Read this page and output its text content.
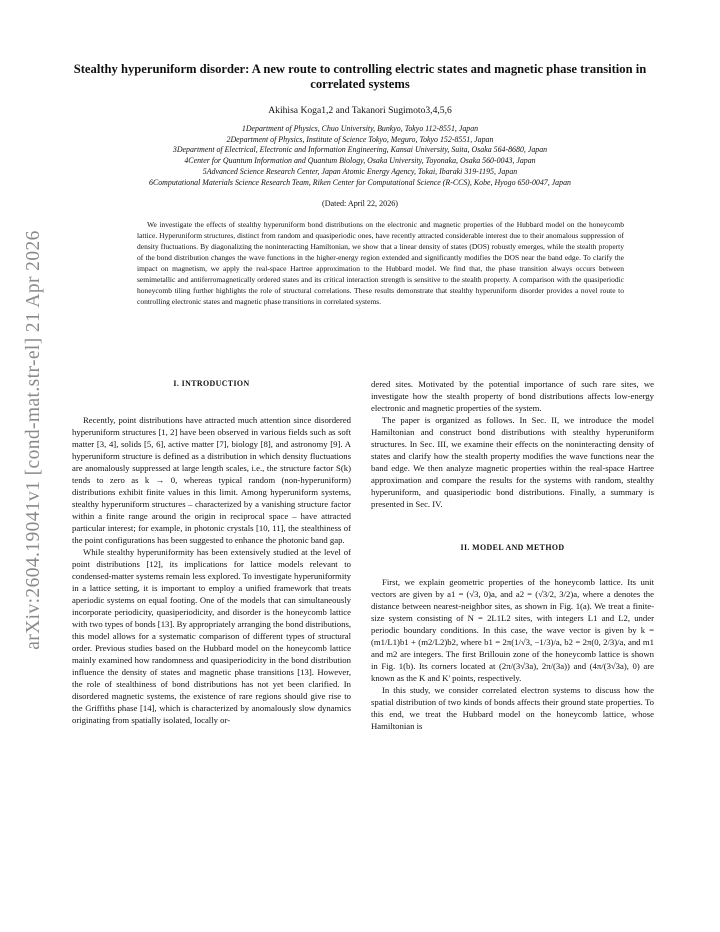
arXiv:2604.19041v1 [cond-mat.str-el] 21 Apr 2026
Stealthy hyperuniform disorder: A new route to controlling electric states and magnetic phase transition in correlated systems
Akihisa Koga1,2 and Takanori Sugimoto3,4,5,6
1Department of Physics, Chuo University, Bunkyo, Tokyo 112-8551, Japan
2Department of Physics, Institute of Science Tokyo, Meguro, Tokyo 152-8551, Japan
3Department of Electrical, Electronic and Information Engineering, Kansai University, Suita, Osaka 564-8680, Japan
4Center for Quantum Information and Quantum Biology, Osaka University, Toyonaka, Osaka 560-0043, Japan
5Advanced Science Research Center, Japan Atomic Energy Agency, Tokai, Ibaraki 319-1195, Japan
6Computational Materials Science Research Team, Riken Center for Computational Science (R-CCS), Kobe, Hyogo 650-0047, Japan
(Dated: April 22, 2026)
We investigate the effects of stealthy hyperuniform bond distributions on the electronic and magnetic properties of the Hubbard model on the honeycomb lattice. Hyperuniform structures, distinct from random and quasiperiodic ones, have recently attracted considerable interest due to their anomalous suppression of density fluctuations. By diagonalizing the noninteracting Hamiltonian, we show that a linear density of states (DOS) robustly emerges, while the stealth property of the bond distribution changes the wave functions in the higher-energy region extended and significantly modifies the DOS near the band edge. To clarify the impact on magnetism, we apply the real-space Hartree approximation to the Hubbard model. We find that, the phase transition always occurs between semimetallic and antiferromagnetically ordered states and its critical interaction strength is sensitive to the stealth property. A comparison with the quasiperiodic honeycomb tiling further highlights the role of structural correlations. These results demonstrate that stealthy hyperuniform disorder provides a novel route to controlling electronic states and magnetic phase transitions in correlated systems.
I. INTRODUCTION

Recently, point distributions have attracted much attention since disordered hyperuniform structures [1, 2] have been observed in various fields such as soft matter [3, 4], solids [5, 6], active matter [7], biology [8], and astronomy [9]. A hyperuniform structure is defined as a distribution in which density fluctuations are anomalously suppressed at large length scales, i.e., the structure factor S(k) tends to zero as k → 0, whereas typical random (non-hyperuniform) distributions exhibit finite values in this limit. Among hyperuniform systems, stealthy hyperuniform structures – characterized by a vanishing structure factor within a finite range around the origin in reciprocal space – have attracted particular interest; for example, in photonic crystals [10, 11], the stealthiness of the point configurations has been suggested to enhance the photonic band gap.

While stealthy hyperuniformity has been extensively studied at the level of point distributions [12], its implications for lattice models relevant to condensed-matter systems remain less explored. To investigate hyperuniformity in a lattice setting, it is important to employ a unified framework that treats aperiodic systems on equal footing. One of the models that can simultaneously incorporate periodicity, quasiperiodicity, and disorder is the honeycomb lattice with two types of bonds [13]. By appropriately arranging the bond distributions, this model allows for a systematic comparison of different types of structural order. Previous studies based on the Hubbard model on the honeycomb lattice mainly examined how randomness and quasiperiodicity in the bond distribution influence the density of states and magnetic phase transitions [13]. However, the role of stealthiness of bond distributions has not yet been clarified. In disordered magnetic systems, the existence of rare regions should give rise to the Griffiths phase [14], which is characterized by anomalously slow dynamics originating from spatially isolated, locally or-

dered sites. Motivated by the potential importance of such rare sites, we investigate how the stealth property of bond distributions affects low-energy electronic and magnetic properties of the system.

The paper is organized as follows. In Sec. II, we introduce the model Hamiltonian and construct bond distributions with stealthy hyperuniform structures. In Sec. III, we examine their effects on the noninteracting density of states and clarify how the stealth property modifies the wave functions near the band edge. We then analyze magnetic properties within the real-space Hartree approximation and compare the results for the systems with random, stealthy hyperuniform, and quasiperiodic bond distributions. Finally, a summary is presented in Sec. IV.

II. MODEL AND METHOD

First, we explain geometric properties of the honeycomb lattice. Its unit vectors are given by a1 = (√3, 0)a, and a2 = (√3/2, 3/2)a, where a denotes the distance between nearest-neighbor sites, as shown in Fig. 1(a). We treat a finite-size system consisting of N = 2L1L2 sites, with integers L1 and L2, under periodic boundary conditions. In this case, the wave vector is given by k = (m1/L1)b1 + (m2/L2)b2, where b1 = 2π(1/√3, −1/3)/a, b2 = 2π(0, 2/3)/a, and m1 and m2 are integers. The first Brillouin zone of the honeycomb lattice is shown in Fig. 1(b). Its corners located at (2π/(3√3a), 2π/(3a)) and (4π/(3√3a), 0) are known as the K and K' points, respectively.

In this study, we consider correlated electron systems to discuss how the spatial distribution of two kinds of bonds affects their ground state properties. To this end, we treat the Hubbard model on the honeycomb lattice, whose Hamiltonian is
